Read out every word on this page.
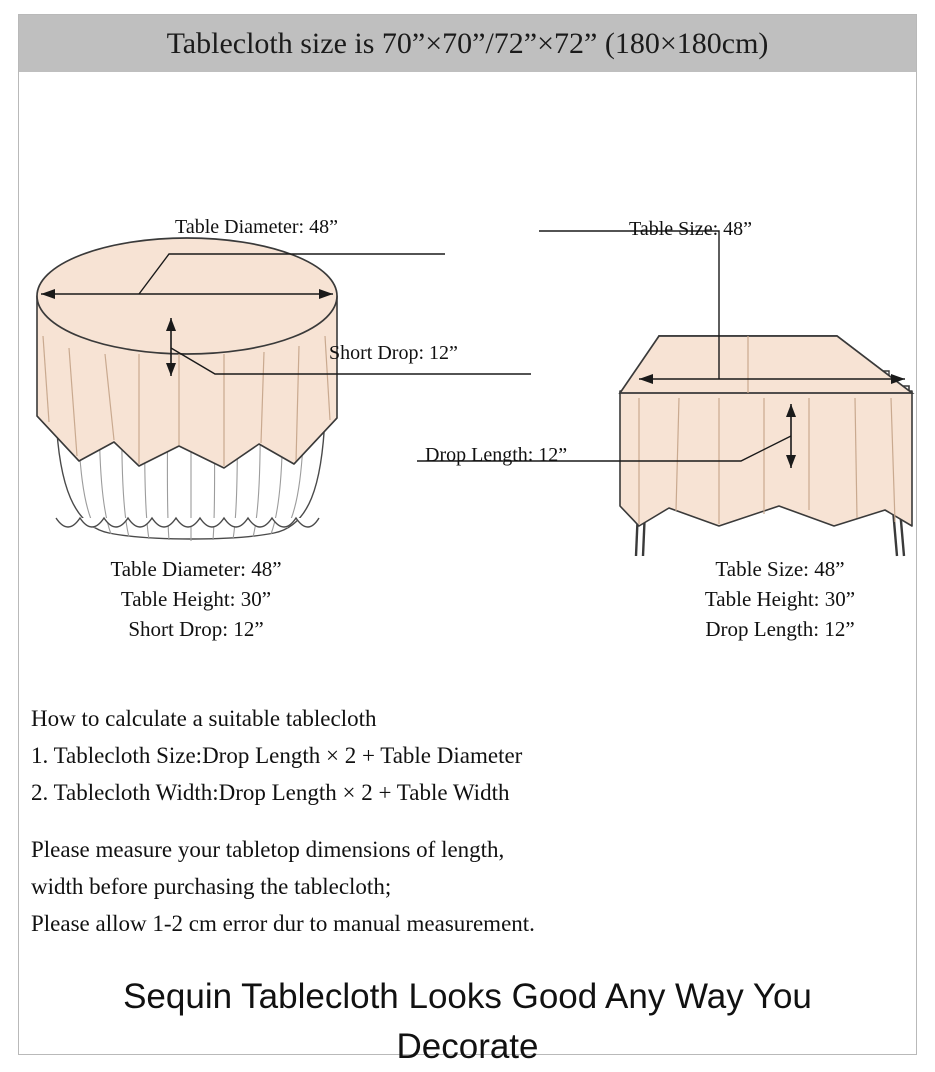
Tablecloth size is 70”×70”/72”×72” (180×180cm)
Table Diameter: 48”
Short Drop: 12”
Table Size: 48”
Drop Length: 12”
Table Diameter: 48”
Table Height: 30”
Short Drop: 12”
Table Size: 48”
Table Height: 30”
Drop Length: 12”
How to calculate a suitable tablecloth
1. Tablecloth Size:Drop Length × 2 + Table Diameter
2. Tablecloth Width:Drop Length × 2 + Table Width
Please measure your tabletop dimensions of length,
width before purchasing the tablecloth;
Please allow 1-2 cm error dur to manual measurement.
Sequin Tablecloth Looks Good Any Way You
Decorate
